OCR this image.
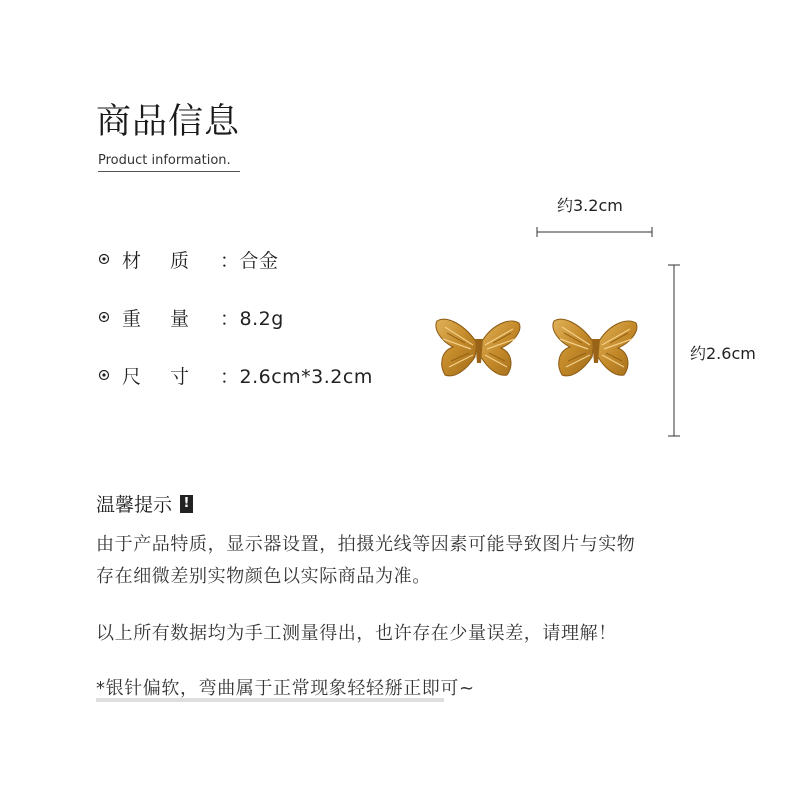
商品信息
Product information.
材	质	：合金
重	量	：8.2g
尺	寸	：2.6cm*3.2cm
约3.2cm
约2.6cm
温馨提示 !
由于产品特质，显示器设置，拍摄光线等因素可能导致图片与实物
存在细微差别实物颜色以实际商品为准。
以上所有数据均为手工测量得出，也许存在少量误差，请理解！
*银针偏软，弯曲属于正常现象轻轻掰正即可~
